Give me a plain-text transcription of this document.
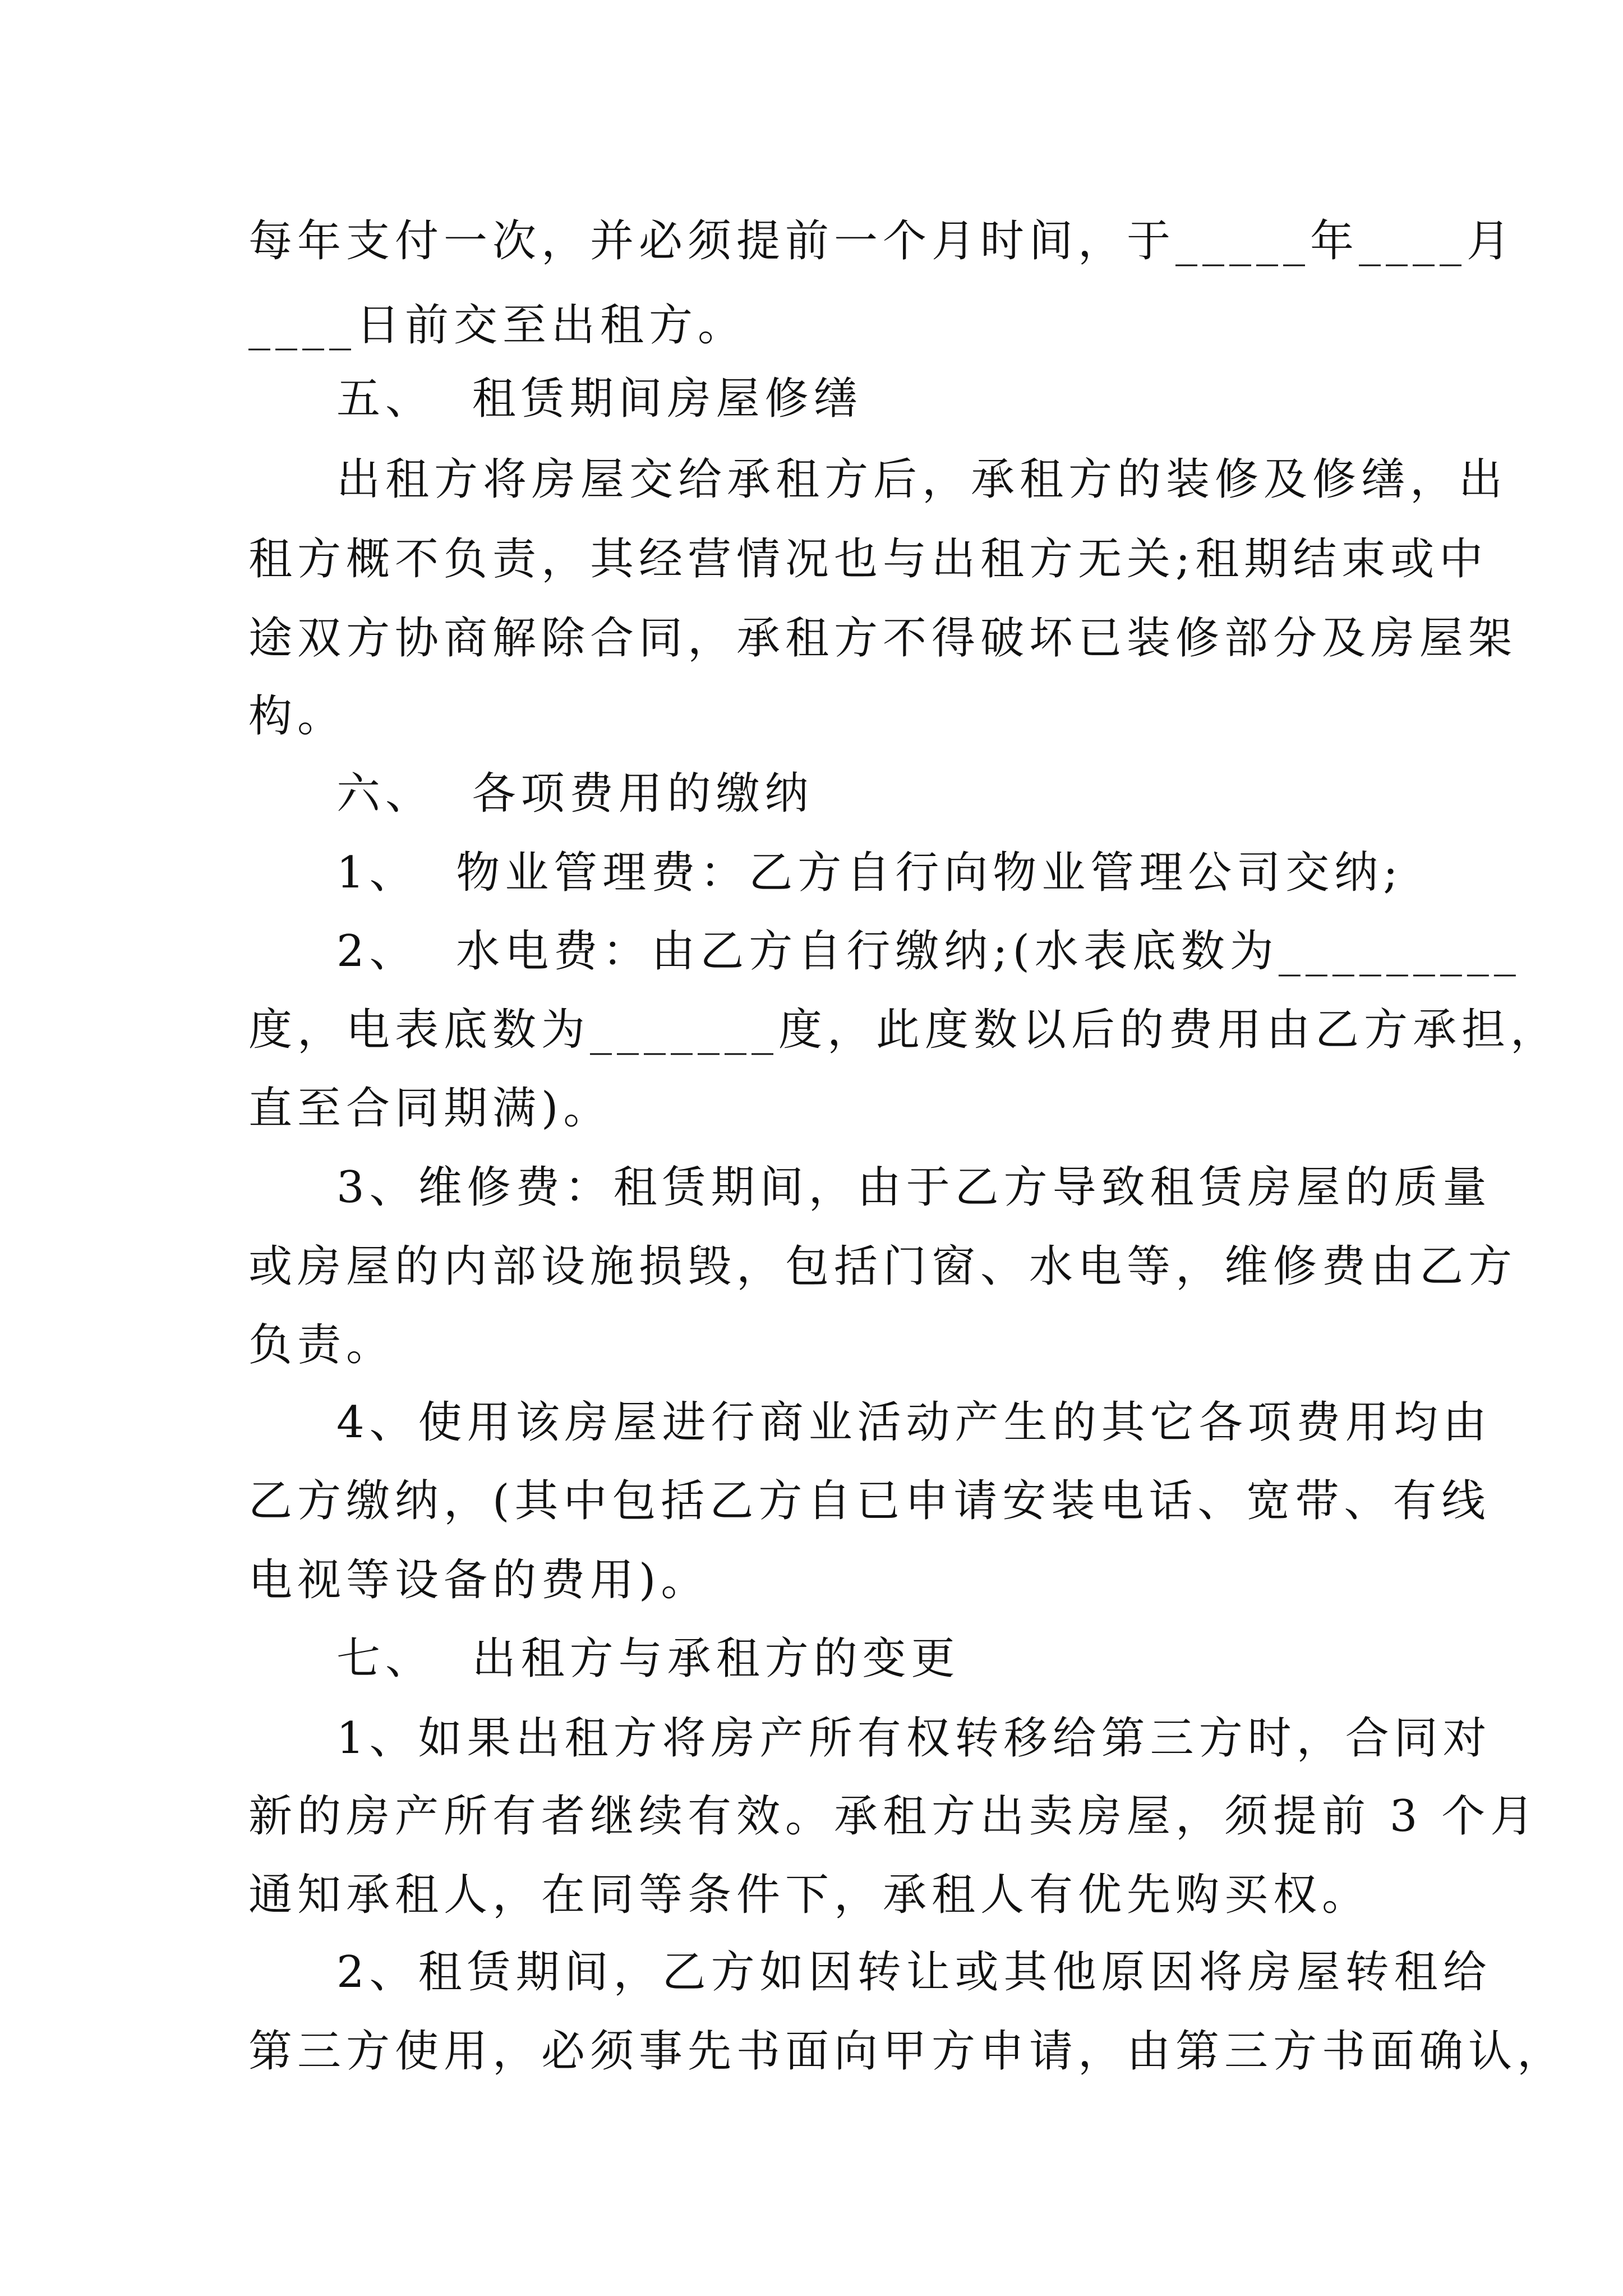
每年支付一次，并必须提前一个月时间，于_____年____月
____日前交至出租方。
五、  租赁期间房屋修缮
出租方将房屋交给承租方后，承租方的装修及修缮，出
租方概不负责，其经营情况也与出租方无关;租期结束或中
途双方协商解除合同，承租方不得破坏已装修部分及房屋架
构。
六、  各项费用的缴纳
1、  物业管理费：乙方自行向物业管理公司交纳;
2、  水电费：由乙方自行缴纳;(水表底数为_________
度，电表底数为_______度，此度数以后的费用由乙方承担，
直至合同期满)。
3、维修费：租赁期间，由于乙方导致租赁房屋的质量
或房屋的内部设施损毁，包括门窗、水电等，维修费由乙方
负责。
4、使用该房屋进行商业活动产生的其它各项费用均由
乙方缴纳，(其中包括乙方自已申请安装电话、宽带、有线
电视等设备的费用)。
七、  出租方与承租方的变更
1、如果出租方将房产所有权转移给第三方时，合同对
新的房产所有者继续有效。承租方出卖房屋，须提前 3 个月
通知承租人，在同等条件下，承租人有优先购买权。
2、租赁期间，乙方如因转让或其他原因将房屋转租给
第三方使用，必须事先书面向甲方申请，由第三方书面确认，
